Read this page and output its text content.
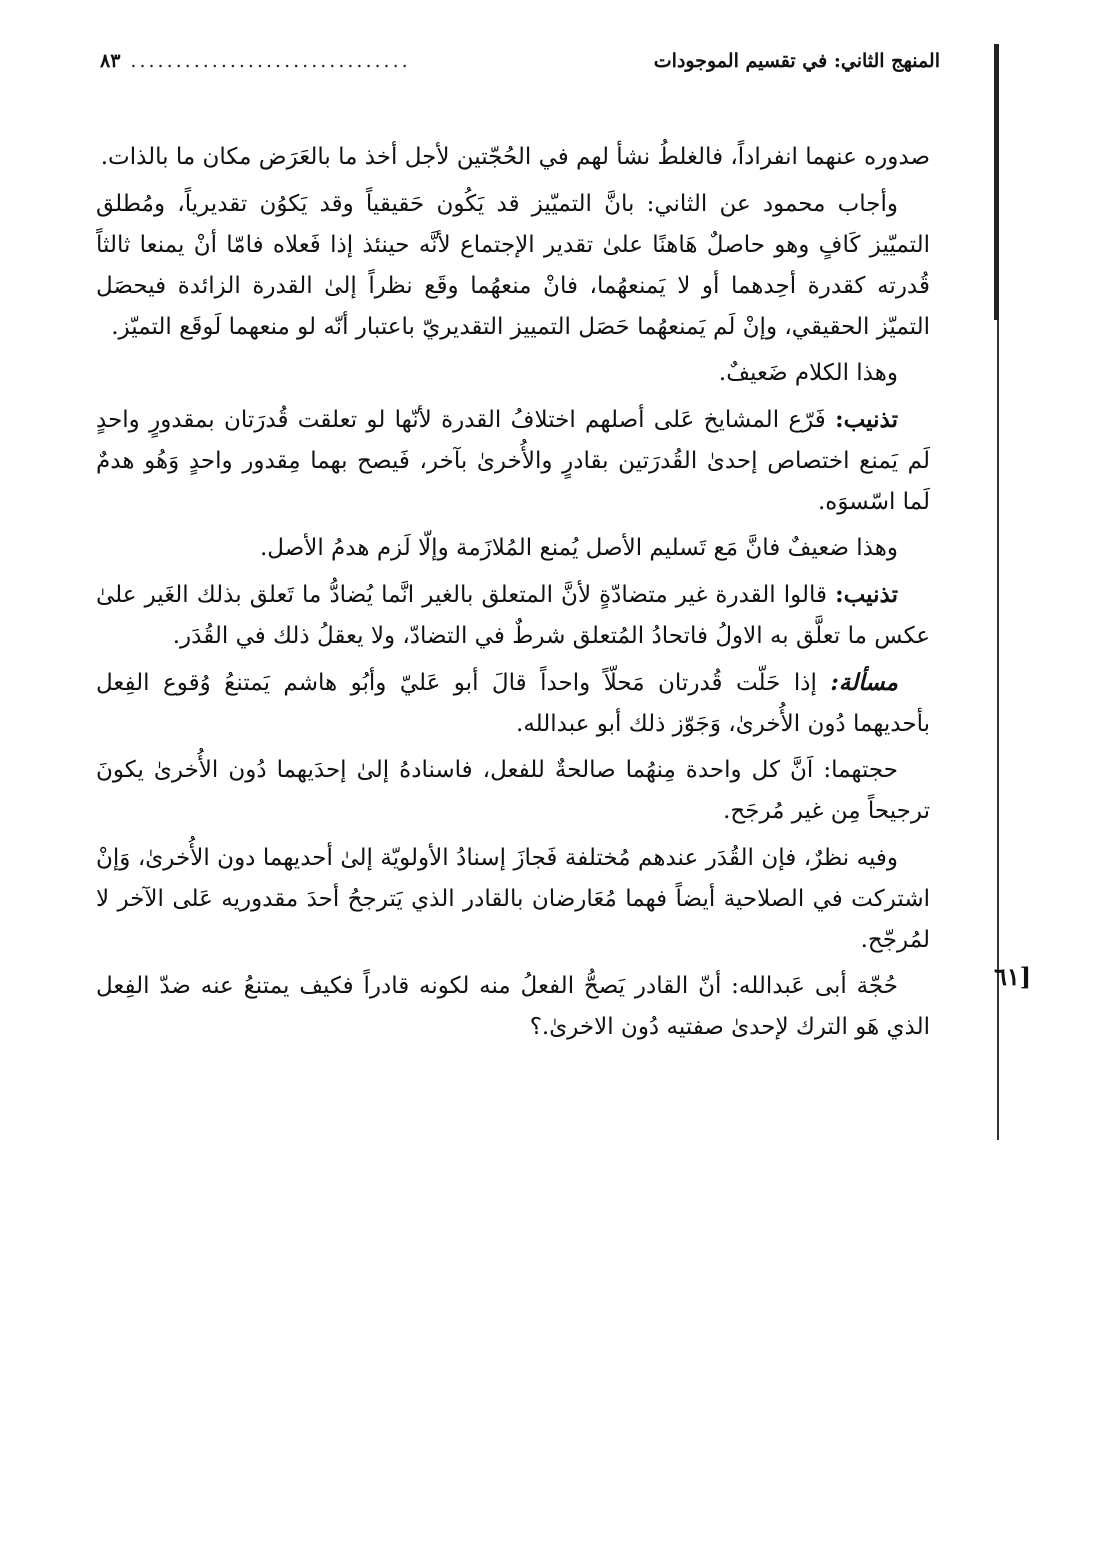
المنهج الثاني: في تقسيم الموجودات
...............................
٨٣
٦١ ]

صدوره عنهما انفراداً، فالغلطُ نشأ لهم في الحُجّتين لأجل أخذ ما بالعَرَض مكان ما بالذات.

وأجاب محمود عن الثاني: بانَّ التميّيز قد يَكُون حَقيقياً وقد يَكوُن تقديرياً، ومُطلق التميّيز كَافٍ وهو حاصلٌ هَاهنًا علىٰ تقدير الإجتماع لأنَّه حينئذ إذا فَعلاه فامّا أنْ يمنعا ثالثاً قُدرته كقدرة أحِدهما أو لا يَمنعهُما، فانْ منعهُما وقَع نظراً إلىٰ القدرة الزائدة فيحصَل التميّز الحقيقي، وإنْ لَم يَمنعهُما حَصَل التمييز التقديريّ باعتبار أنّه لو منعهما لَوقَع التميّز.

وهذا الكلام ضَعيفٌ.

تذنيب: فَرّع المشايخ عَلى أصلهم اختلافُ القدرة لأنّها لو تعلقت قُدرَتان بمقدورٍ واحدٍ لَم يَمنع اختصاص إحدىٰ القُدرَتين بقادرٍ والأُخرىٰ بآخر، فَيصح بهما مِقدور واحدٍ وَهُو هدمٌ لَما اسّسوَه.

وهذا ضعيفٌ فانَّ مَع تَسليم الأصل يُمنع المُلازَمة وإلّا لَزم هدمُ الأصل.

تذنيب: قالوا القدرة غير متضادّةٍ لأنَّ المتعلق بالغير انَّما يُضادُّ ما تَعلق بذلك الغَير علىٰ عكس ما تعلَّق به الاولُ فاتحادُ المُتعلق شرطٌ في التضادّ، ولا يعقلُ ذلك في القُدَر.

مسألة: إذا حَلّت قُدرتان مَحلّاً واحداً قالَ أبو عَليّ وأبُو هاشم يَمتنعُ وُقوع الفِعل بأحديهما دُون الأُخرىٰ، وَجَوّز ذلك أبو عبدالله.

حجتهما: اَنَّ كل واحدة مِنهُما صالحةٌ للفعل، فاسنادهُ إلىٰ إحدَيهما دُون الأُخرىٰ يكونَ ترجيحاً مِن غير مُرجَح.

وفيه نظرٌ، فإن القُدَر عندهم مُختلفة فَجازَ إسنادُ الأولويّة إلىٰ أحديهما دون الأُخرىٰ، وَإنْ اشتركت في الصلاحية أيضاً فهما مُعَارضان بالقادر الذي يَترجحُ أحدَ مقدوريه عَلى الآخر لا لمُرجّح.

حُجّة أبى عَبدالله: أنّ القادر يَصحُّ الفعلُ منه لكونه قادراً فكيف يمتنعُ عنه ضدّ الفِعل الذي هَو الترك لإحدىٰ صفتيه دُون الاخرىٰ.؟
